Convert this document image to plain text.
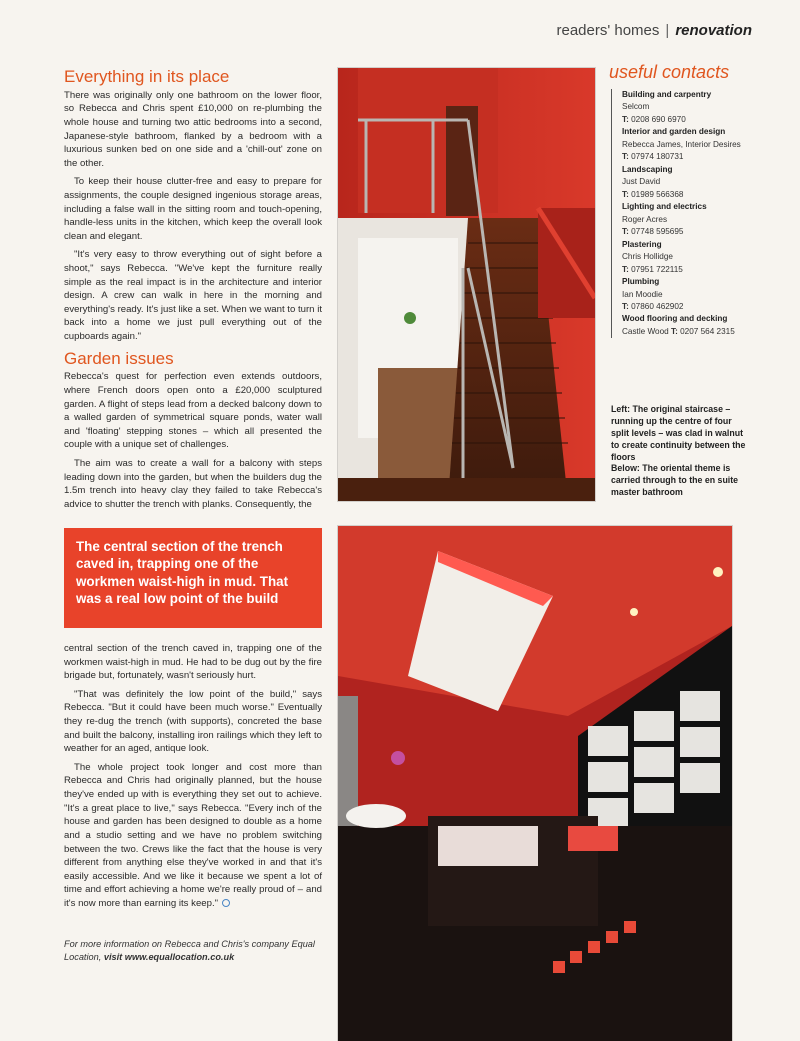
readers' homes | renovation
Everything in its place

There was originally only one bathroom on the lower floor, so Rebecca and Chris spent £10,000 on re-plumbing the whole house and turning two attic bedrooms into a second, Japanese-style bathroom, flanked by a bedroom with a luxurious sunken bed on one side and a 'chill-out' zone on the other.

To keep their house clutter-free and easy to prepare for assignments, the couple designed ingenious storage areas, including a false wall in the sitting room and touch-opening, handle-less units in the kitchen, which keep the overall look clean and elegant.

"It's very easy to throw everything out of sight before a shoot," says Rebecca. "We've kept the furniture really simple as the real impact is in the architecture and interior design. A crew can walk in here in the morning and everything's ready. It's just like a set. When we want to turn it back into a home we just pull everything out of the cupboards again."

Garden issues

Rebecca's quest for perfection even extends outdoors, where French doors open onto a £20,000 sculptured garden. A flight of steps lead from a decked balcony down to a walled garden of symmetrical square ponds, water wall and 'floating' stepping stones – which all presented the couple with a unique set of challenges.

The aim was to create a wall for a balcony with steps leading down into the garden, but when the builders dug the 1.5m trench into heavy clay they failed to take Rebecca's advice to shutter the trench with planks. Consequently, the

The central section of the trench caved in, trapping one of the workmen waist-high in mud. That was a real low point of the build

central section of the trench caved in, trapping one of the workmen waist-high in mud. He had to be dug out by the fire brigade but, fortunately, wasn't seriously hurt.

"That was definitely the low point of the build," says Rebecca. "But it could have been much worse." Eventually they re-dug the trench (with supports), concreted the base and built the balcony, installing iron railings which they left to weather for an aged, antique look.

The whole project took longer and cost more than Rebecca and Chris had originally planned, but the house they've ended up with is everything they set out to achieve. "It's a great place to live," says Rebecca. "Every inch of the house and garden has been designed to double as a home and a studio setting and we have no problem switching between the two. Crews like the fact that the house is very different from anything else they've worked in and that it's easily accessible. And we like it because we spent a lot of time and effort achieving a home we're really proud of – and it's now more than earning its keep."

For more information on Rebecca and Chris's company Equal Location, visit www.equallocation.co.uk
useful contacts
Building and carpentry
Selcom
T: 0208 690 6970
Interior and garden design
Rebecca James, Interior Desires
T: 07974 180731
Landscaping
Just David
T: 01989 566368
Lighting and electrics
Roger Acres
T: 07748 595695
Plastering
Chris Hollidge
T: 07951 722115
Plumbing
Ian Moodie
T: 07860 462902
Wood flooring and decking
Castle Wood T: 0207 564 2315
Left: The original staircase – running up the centre of four split levels – was clad in walnut to create continuity between the floors
Below: The oriental theme is carried through to the en suite master bathroom
